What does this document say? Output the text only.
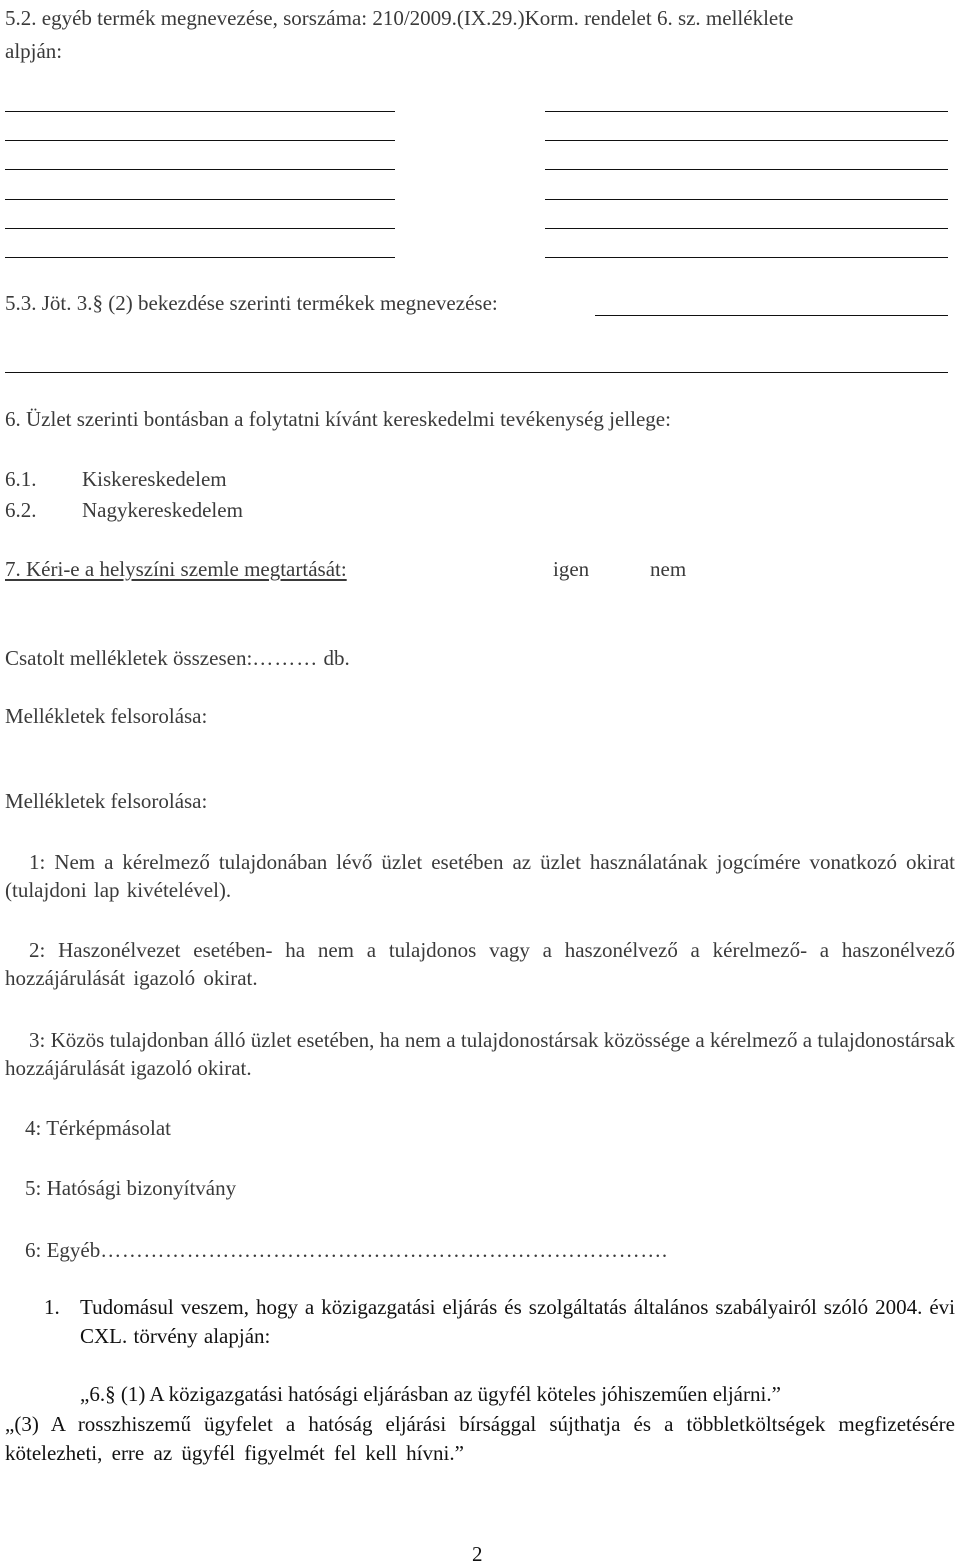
5.2. egyéb termék megnevezése, sorszáma: 210/2009.(IX.29.)Korm. rendelet 6. sz. melléklete
alpján:
5.3. Jöt. 3.§ (2) bekezdése szerinti termékek megnevezése:
6. Üzlet szerinti bontásban a folytatni kívánt kereskedelmi tevékenység jellege:
6.1. Kiskereskedelem
6.2. Nagykereskedelem
7. Kéri-e a helyszíni szemle megtartását:	igen	nem
Csatolt mellékletek összesen:……… db.
Mellékletek felsorolása:
Mellékletek felsorolása:
1: Nem a kérelmező tulajdonában lévő üzlet esetében az üzlet használatának jogcímére vonatkozó okirat (tulajdoni lap kivételével).
2: Haszonélvezet esetében- ha nem a tulajdonos vagy a haszonélvező a kérelmező- a haszonélvező hozzájárulását igazoló okirat.
3: Közös tulajdonban álló üzlet esetében, ha nem a tulajdonostársak közössége a kérelmező a tulajdonostársak hozzájárulását igazoló okirat.
4: Térképmásolat
5: Hatósági bizonyítvány
6: Egyéb…………………………………………………………………….
1. Tudomásul veszem, hogy a közigazgatási eljárás és szolgáltatás általános szabályairól szóló 2004. évi CXL. törvény alapján:
„6.§ (1) A közigazgatási hatósági eljárásban az ügyfél köteles jóhiszeműen eljárni.”
„(3) A rosszhiszemű ügyfelet a hatóság eljárási bírsággal sújthatja és a többletköltségek megfizetésére kötelezheti, erre az ügyfél figyelmét fel kell hívni.”
2
